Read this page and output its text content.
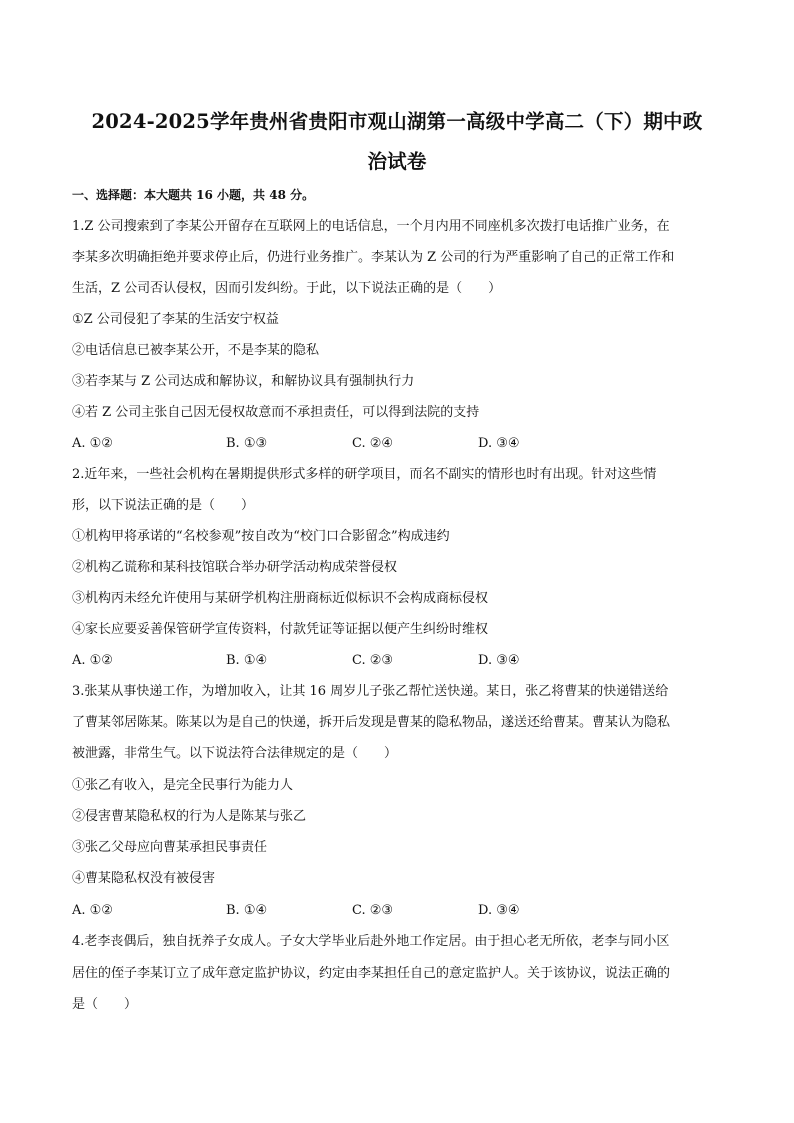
2024-2025学年贵州省贵阳市观山湖第一高级中学高二（下）期中政
治试卷
一、选择题：本大题共 16 小题，共 48 分。
1.Z 公司搜索到了李某公开留存在互联网上的电话信息，一个月内用不同座机多次拨打电话推广业务，在
李某多次明确拒绝并要求停止后，仍进行业务推广。李某认为 Z 公司的行为严重影响了自己的正常工作和
生活，Z 公司否认侵权，因而引发纠纷。于此，以下说法正确的是（　　）
①Z 公司侵犯了李某的生活安宁权益
②电话信息已被李某公开，不是李某的隐私
③若李某与 Z 公司达成和解协议，和解协议具有强制执行力
④若 Z 公司主张自己因无侵权故意而不承担责任，可以得到法院的支持
A. ①②	B. ①③	C. ②④	D. ③④
2.近年来，一些社会机构在暑期提供形式多样的研学项目，而名不副实的情形也时有出现。针对这些情
形，以下说法正确的是（　　）
①机构甲将承诺的“名校参观”按自改为“校门口合影留念”构成违约
②机构乙谎称和某科技馆联合举办研学活动构成荣誉侵权
③机构丙未经允许使用与某研学机构注册商标近似标识不会构成商标侵权
④家长应要妥善保管研学宣传资料，付款凭证等证据以便产生纠纷时维权
A. ①②	B. ①④	C. ②③	D. ③④
3.张某从事快递工作，为增加收入，让其 16 周岁儿子张乙帮忙送快递。某日，张乙将曹某的快递错送给
了曹某邻居陈某。陈某以为是自己的快递，拆开后发现是曹某的隐私物品，遂送还给曹某。曹某认为隐私
被泄露，非常生气。以下说法符合法律规定的是（　　）
①张乙有收入，是完全民事行为能力人
②侵害曹某隐私权的行为人是陈某与张乙
③张乙父母应向曹某承担民事责任
④曹某隐私权没有被侵害
A. ①②	B. ①④	C. ②③	D. ③④
4.老李丧偶后，独自抚养子女成人。子女大学毕业后赴外地工作定居。由于担心老无所依，老李与同小区
居住的侄子李某订立了成年意定监护协议，约定由李某担任自己的意定监护人。关于该协议，说法正确的
是（　　）
